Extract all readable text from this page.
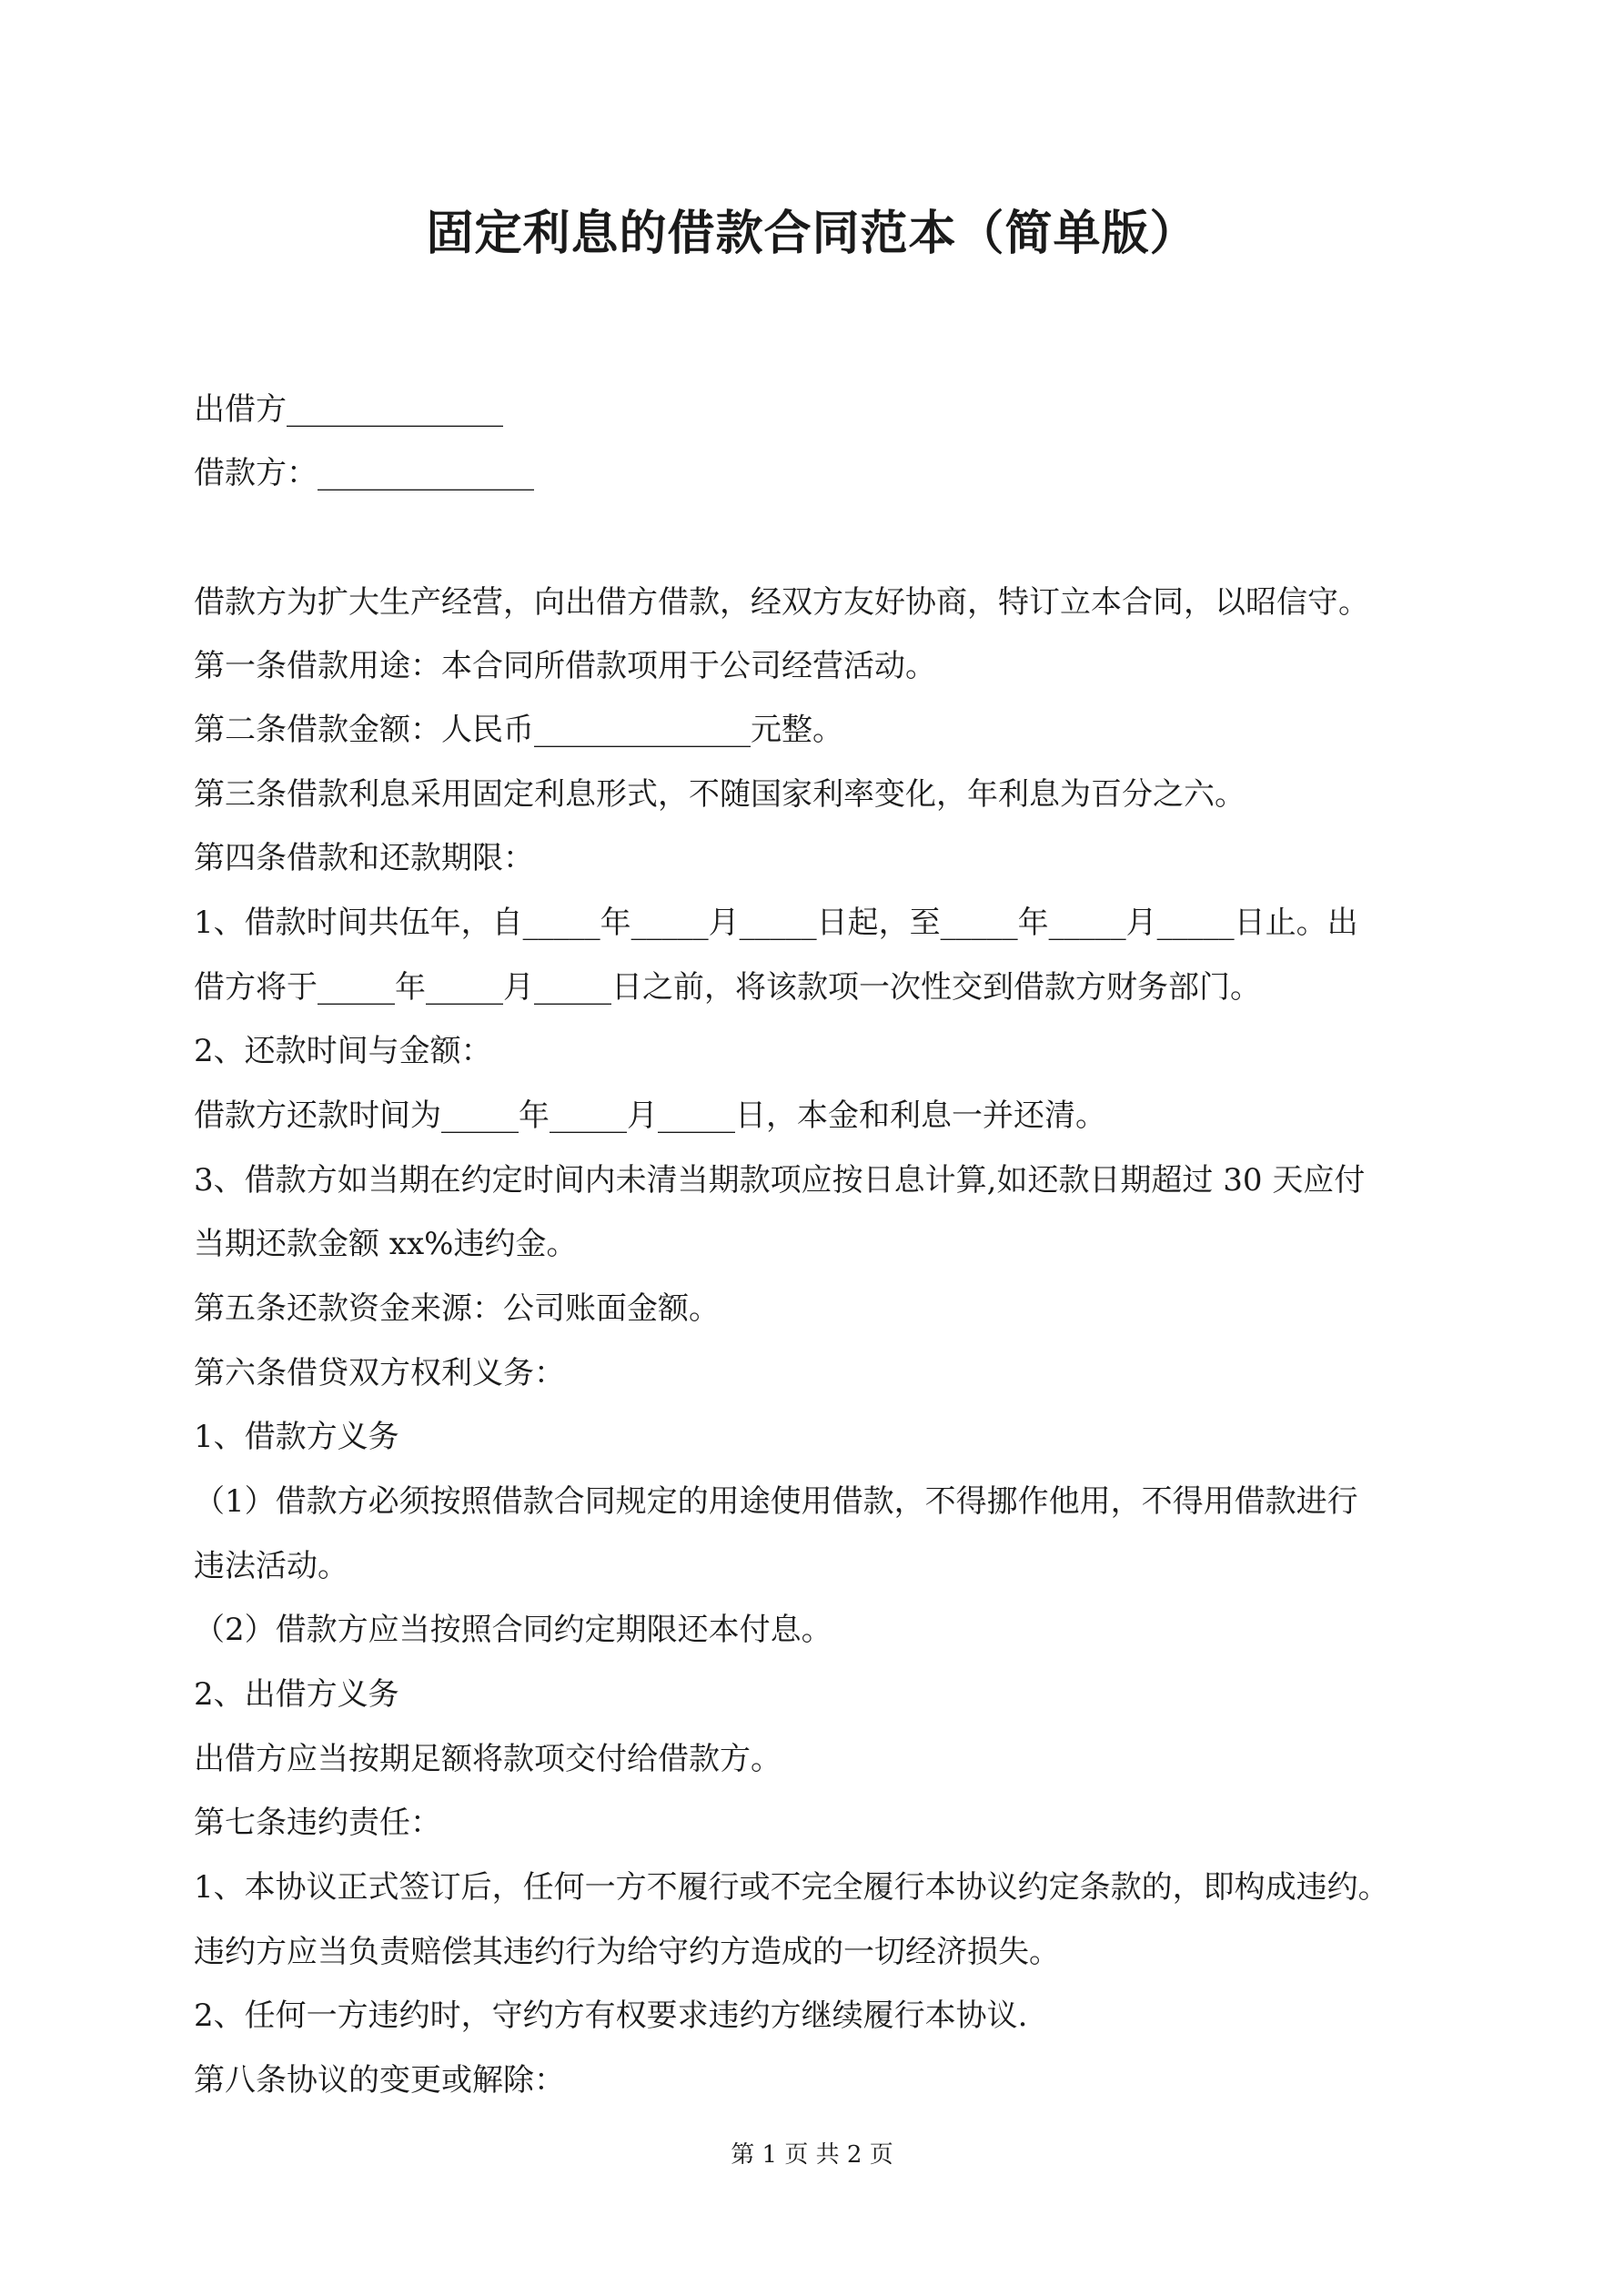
固定利息的借款合同范本（简单版）

出借方______________

借款方：______________

借款方为扩大生产经营，向出借方借款，经双方友好协商，特订立本合同，以昭信守。

第一条借款用途：本合同所借款项用于公司经营活动。

第二条借款金额：人民币______________元整。

第三条借款利息采用固定利息形式，不随国家利率变化，年利息为百分之六。

第四条借款和还款期限：

1、借款时间共伍年，自_____年_____月_____日起，至_____年_____月_____日止。出

借方将于_____年_____月_____日之前，将该款项一次性交到借款方财务部门。

2、还款时间与金额：

借款方还款时间为_____年_____月_____日，本金和利息一并还清。

3、借款方如当期在约定时间内未清当期款项应按日息计算,如还款日期超过 30 天应付

当期还款金额 xx%违约金。

第五条还款资金来源：公司账面金额。

第六条借贷双方权利义务：

1、借款方义务

（1）借款方必须按照借款合同规定的用途使用借款，不得挪作他用，不得用借款进行

违法活动。

（2）借款方应当按照合同约定期限还本付息。

2、出借方义务

出借方应当按期足额将款项交付给借款方。

第七条违约责任：

1、本协议正式签订后，任何一方不履行或不完全履行本协议约定条款的，即构成违约。

违约方应当负责赔偿其违约行为给守约方造成的一切经济损失。

2、任何一方违约时，守约方有权要求违约方继续履行本协议.

第八条协议的变更或解除：

第 1 页 共 2 页
